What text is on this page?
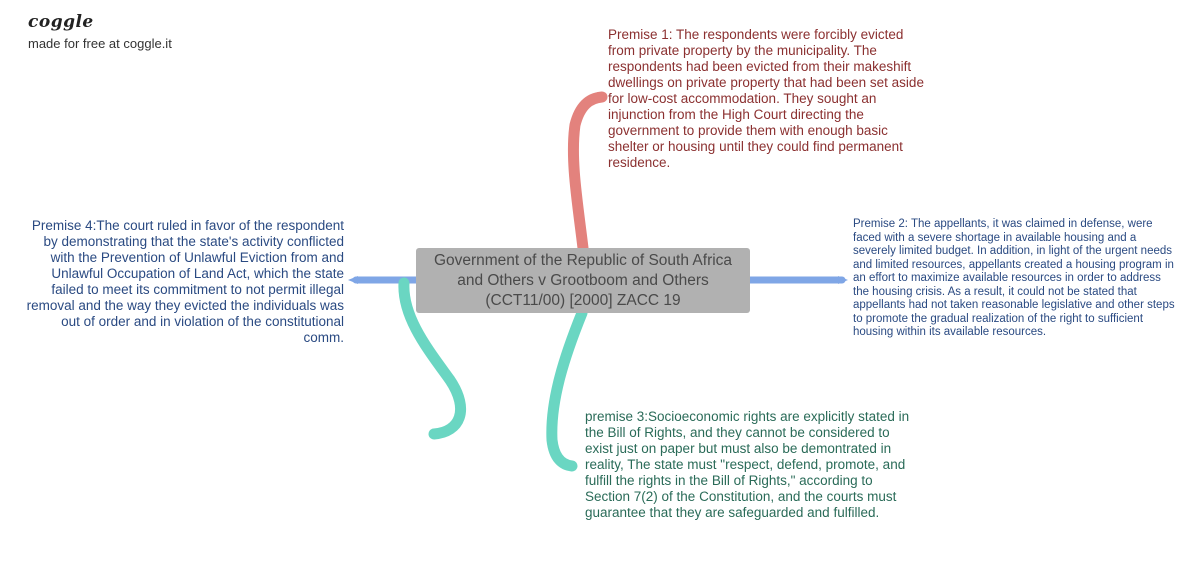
coggle
made for free at coggle.it
Government of the Republic of South Africa and Others v Grootboom and Others (CCT11/00) [2000] ZACC 19
Premise 1: The respondents were forcibly evicted from private property by the municipality. The respondents had been evicted from their makeshift dwellings on private property that had been set aside for low-cost accommodation. They sought an injunction from the High Court directing the government to provide them with enough basic shelter or housing until they could find permanent residence.
Premise 2: The appellants, it was claimed in defense, were faced with a severe shortage in available housing and a severely limited budget. In addition, in light of the urgent needs and limited resources, appellants created a housing program in an effort to maximize available resources in order to address the housing crisis. As a result, it could not be stated that appellants had not taken reasonable legislative and other steps to promote the gradual realization of the right to sufficient housing within its available resources.
premise 3:Socioeconomic rights are explicitly stated in the Bill of Rights, and they cannot be considered to exist just on paper but must also be demontrated in reality, The state must "respect, defend, promote, and fulfill the rights in the Bill of Rights," according to Section 7(2) of the Constitution, and the courts must guarantee that they are safeguarded and fulfilled.
Premise 4:The court ruled in favor of the respondent by demonstrating that the state's activity conflicted with the Prevention of Unlawful Eviction from and Unlawful Occupation of Land Act, which the state failed to meet its commitment to not permit illegal removal and the way they evicted the individuals was out of order and in violation of the constitutional comm.
